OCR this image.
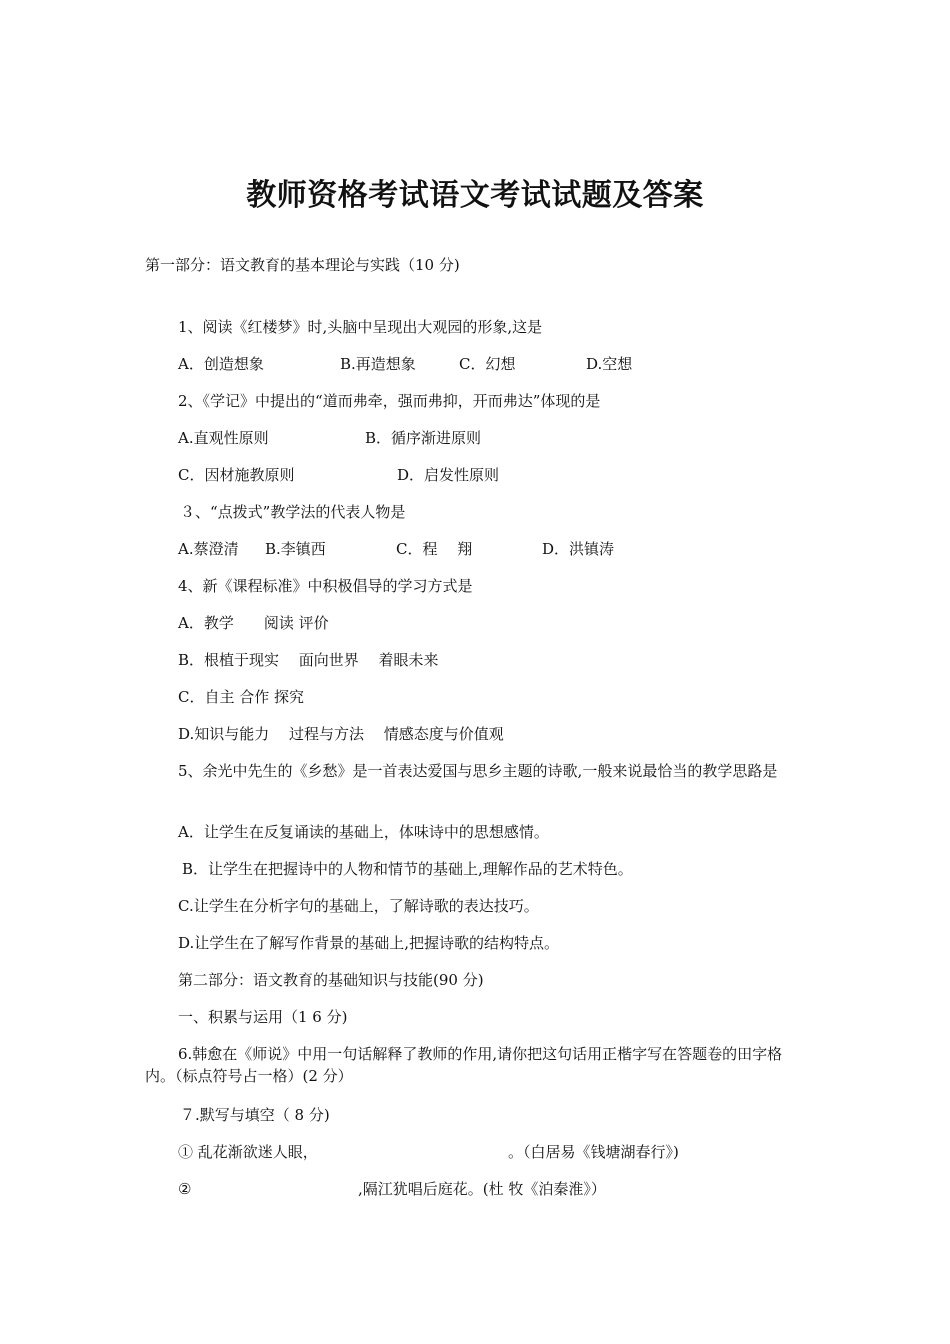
教师资格考试语文考试试题及答案
第一部分：语文教育的基本理论与实践（10 分)
1、阅读《红楼梦》时,头脑中呈现出大观园的形象,这是
A．创造想象	B.再造想象	C．幻想	D.空想
2、《学记》中提出的“道而弗牵，强而弗抑，开而弗达”体现的是
A.直观性原则	B．循序渐进原则
C．因材施教原则	D．启发性原则
３、“点拨式”教学法的代表人物是
A.蔡澄清 B.李镇西	C．程　 翔	D．洪镇涛
4、新《课程标准》中积极倡导的学习方式是
A．教学　　阅读 评价
B．根植于现实　 面向世界　 着眼未来
C．自主 合作 探究
D.知识与能力　 过程与方法　 情感态度与价值观
5、余光中先生的《乡愁》是一首表达爱国与思乡主题的诗歌,一般来说最恰当的教学思路是
A．让学生在反复诵读的基础上，体味诗中的思想感情。
B．让学生在把握诗中的人物和情节的基础上,理解作品的艺术特色。
C.让学生在分析字句的基础上，了解诗歌的表达技巧。
D.让学生在了解写作背景的基础上,把握诗歌的结构特点。
第二部分：语文教育的基础知识与技能(90 分)
一、积累与运用（1 6 分)
6.韩愈在《师说》中用一句话解释了教师的作用,请你把这句话用正楷字写在答题卷的田字格内。（标点符号占一格）(2 分）
７.默写与填空（ 8 分)
① 乱花渐欲迷人眼，	。（白居易《钱塘湖春行》)
②	,隔江犹唱后庭花。(杜 牧《泊秦淮》）
